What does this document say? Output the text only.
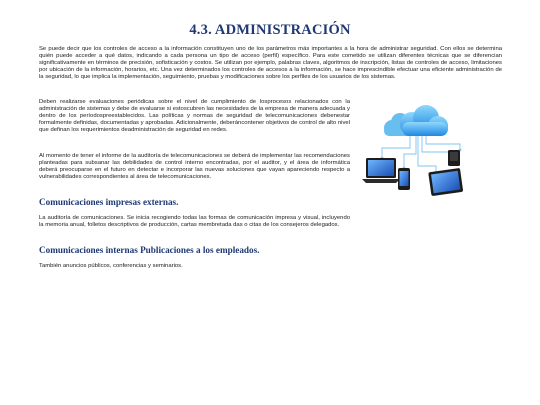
4.3. ADMINISTRACIÓN

Se puede decir que los controles de acceso a la información constituyen uno de los parámetros más importantes a la hora de administrar seguridad. Con ellos se determina quién puede acceder a qué datos, indicando a cada persona un tipo de acceso (perfil) específico. Para este cometido se utilizan diferentes técnicas que se diferencian significativamente en términos de precisión, sofisticación y costos. Se utilizan por ejemplo, palabras claves, algoritmos de inscripción, listas de controles de acceso, limitaciones por ubicación de la información, horarios, etc. Una vez determinados los controles de accesos a la información, se hace imprescindible efectuar una eficiente administración de la seguridad, lo que implica la implementación, seguimiento, pruebas y modificaciones sobre los perfiles de los usuarios de los sistemas.

Deben realizarse evaluaciones periódicas sobre el nivel de cumplimiento de losprocesos relacionados con la administración de sistemas y debe de evaluarse si estoscubren las necesidades de la empresa de manera adecuada y dentro de los períodospreestablecidos. Las políticas y normas de seguridad de telecomunicaciones debenestar formalmente definidas, documentadas y aprobadas. Adicionalmente, deberáncontener objetivos de control de alto nivel que definan los requerimientos deadministración de seguridad en redes.

Al momento de tener el informe de la auditoría de telecomunicaciones se deberá de implementar las recomendaciones planteadas para subsanar las debilidades de control interno encontradas, por el auditor, y el área de informática deberá preocuparse en el futuro en detectar e incorporar las nuevas soluciones que vayan apareciendo respecto a vulnerabilidades correspondientes al área de telecomunicaciones.

Comunicaciones impresas externas.

La auditoría de comunicaciones. Se inicia recogiendo todas las formas de comunicación impresa y visual, incluyendo la memoria anual, folletos descriptivos de producción, cartas membretada das o citas de los consejeros delegados.

Comunicaciones internas Publicaciones a los empleados.

También anuncios públicos, conferencias y seminarios.
